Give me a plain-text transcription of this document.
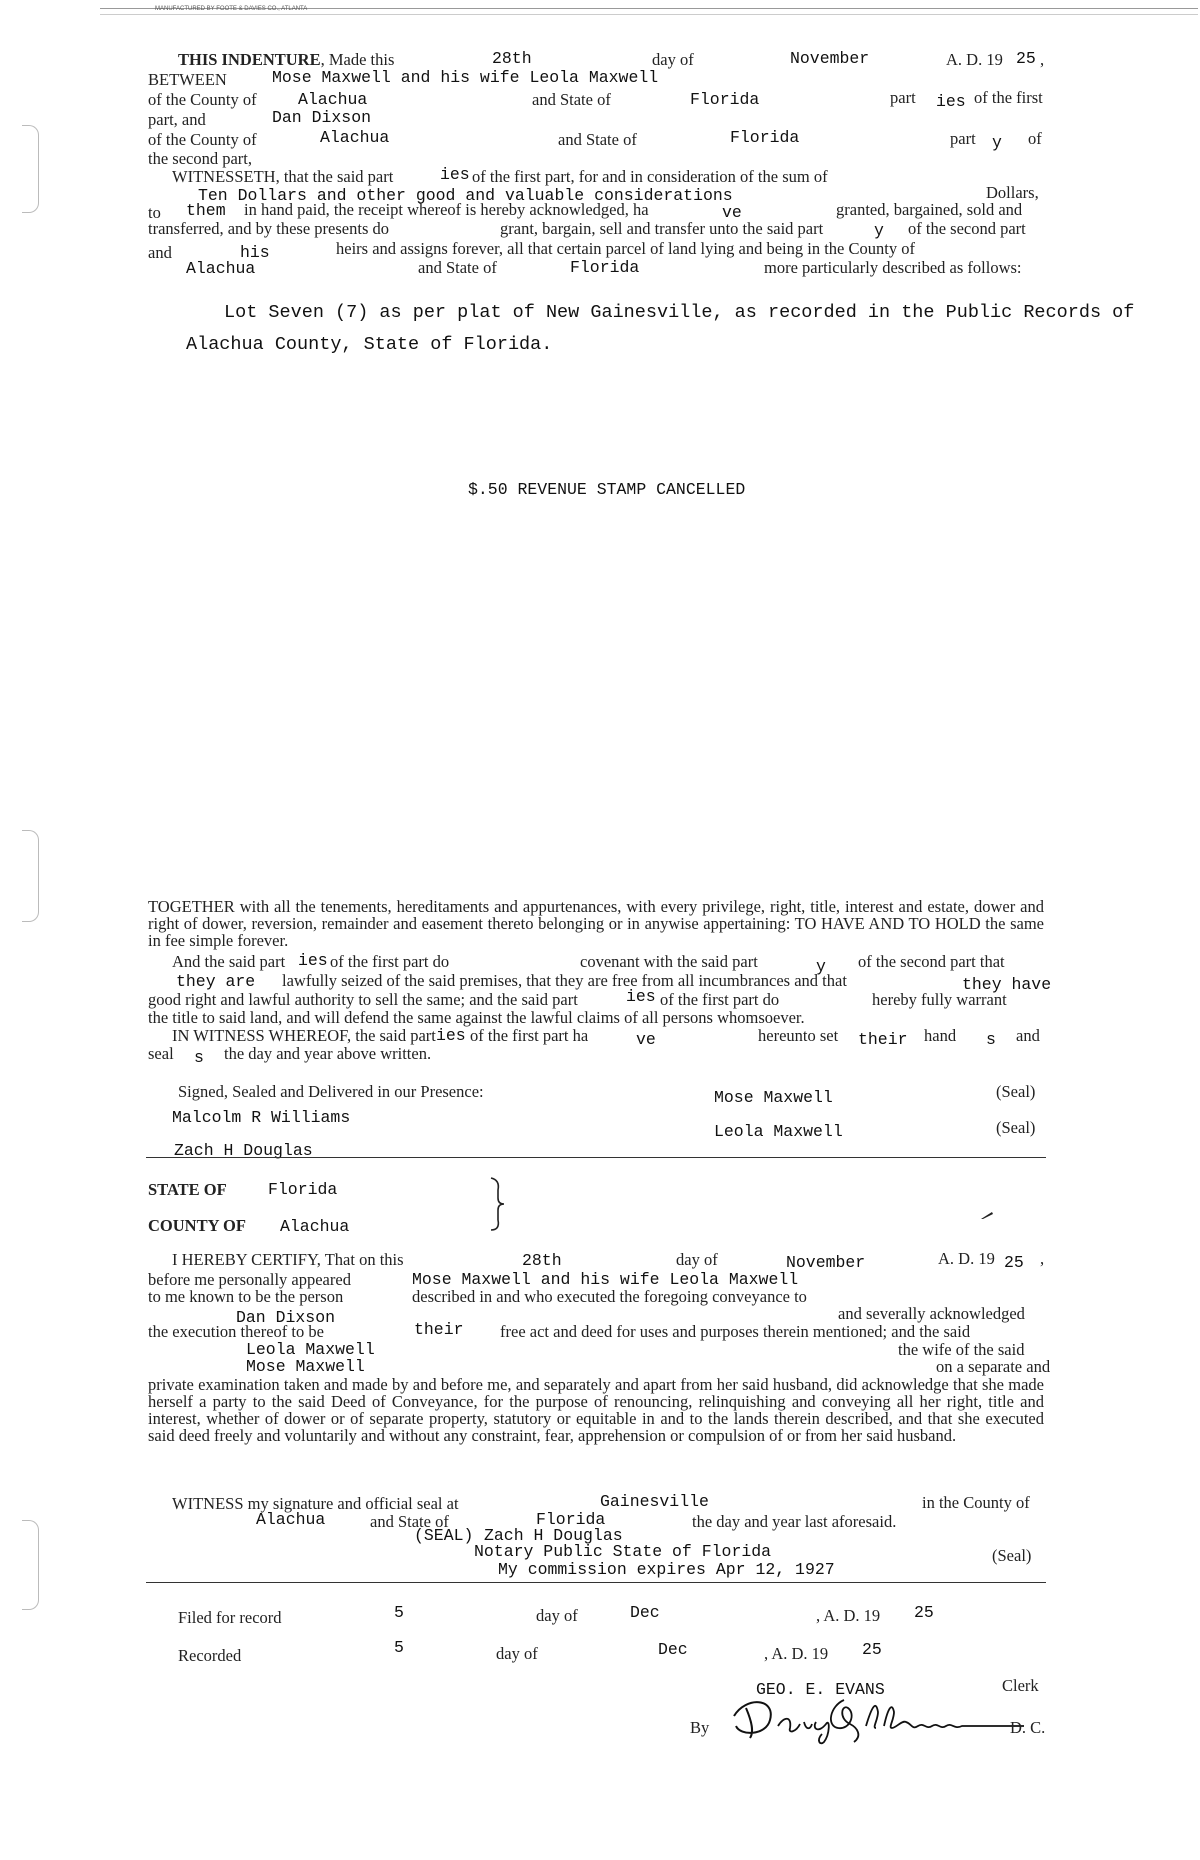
MANUFACTURED BY FOOTE & DAVIES CO., ATLANTA
THIS INDENTURE, Made this	28th	day of	November	A. D. 19 25 ,
BETWEEN	Mose Maxwell and his wife Leola Maxwell
of the County of	Alachua	and State of	Florida	part ies of the first
part, and	Dan Dixson
of the County of	Alachua	and State of	Florida	part y of
the second part,
WITNESSETH, that the said part	ies of the first part, for and in consideration of the sum of
Ten Dollars and other good and valuable considerations	Dollars,
to them in hand paid, the receipt whereof is hereby acknowledged, ha	ve	granted, bargained, sold and
transferred, and by these presents do	grant, bargain, sell and transfer unto the said part	y of the second part
and	his	heirs and assigns forever, all that certain parcel of land lying and being in the County of
Alachua	and State of	Florida	more particularly described as follows:
Lot Seven (7) as per plat of New Gainesville, as recorded in the Public Records of
Alachua County, State of Florida.
$.50 REVENUE STAMP CANCELLED
TOGETHER with all the tenements, hereditaments and appurtenances, with every privilege, right, title, interest and estate, dower and right of dower, reversion, remainder and easement thereto belonging or in anywise appertaining: TO HAVE AND TO HOLD the same in fee simple forever.
And the said part ies of the first part do	covenant with the said part	y of the second part that
they are lawfully seized of the said premises, that they are free from all incumbrances and that	they have
good right and lawful authority to sell the same; and the said part	ies of the first part do	hereby fully warrant
the title to said land, and will defend the same against the lawful claims of all persons whomsoever.
IN WITNESS WHEREOF, the said part ies of the first part ha	ve	hereunto set their hand s and
seal s the day and year above written.
Signed, Sealed and Delivered in our Presence:	Mose Maxwell	(Seal)
Malcolm R Williams
Leola Maxwell	(Seal)
Zach H Douglas
STATE OF	Florida
COUNTY OF Alachua
I HEREBY CERTIFY, That on this	28th	day of	November	A. D. 19 25 ,
before me personally appeared	Mose Maxwell and his wife Leola Maxwell
to me known to be the person	described in and who executed the foregoing conveyance to
Dan Dixson	and severally acknowledged
the execution thereof to be	their free act and deed for uses and purposes therein mentioned; and the said
Leola Maxwell	the wife of the said
Mose Maxwell	on a separate and
private examination taken and made by and before me, and separately and apart from her said husband, did acknowledge that she made herself a party to the said Deed of Conveyance, for the purpose of renouncing, relinquishing and conveying all her right, title and interest, whether of dower or of separate property, statutory or equitable in and to the lands therein described, and that she executed said deed freely and voluntarily and without any constraint, fear, apprehension or compulsion of or from her said husband.
WITNESS my signature and official seal at	Gainesville	in the County of
Alachua	and State of	Florida	the day and year last aforesaid.
(SEAL) Zach H Douglas
Notary Public State of Florida	(Seal)
My commission expires Apr 12, 1927
Filed for record	5	day of	Dec	, A. D. 19 25
Recorded	5	day of	Dec	, A. D. 19 25
GEO. E. EVANS	Clerk
By	D. C.
